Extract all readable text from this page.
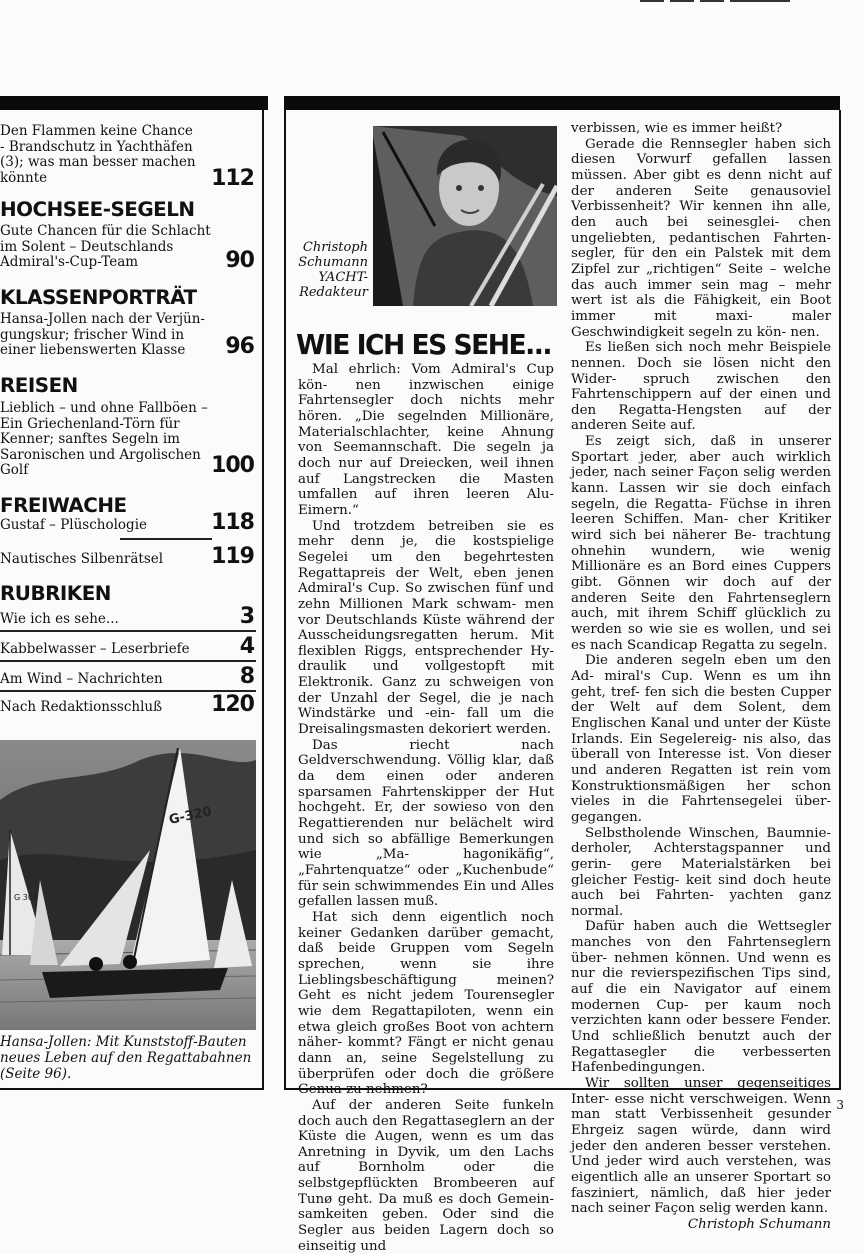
Den Flammen keine Chance
- Brandschutz in Yachthäfen
(3); was man besser machen
könnte	112
HOCHSEE-SEGELN
Gute Chancen für die Schlacht
im Solent – Deutschlands
Admiral's-Cup-Team	90
KLASSENPORTRÄT
Hansa-Jollen nach der Verjün-
gungskur; frischer Wind in
einer liebenswerten Klasse	96
REISEN
Lieblich – und ohne Fallböen –
Ein Griechenland-Törn für
Kenner; sanftes Segeln im
Saronischen und Argolischen
Golf	100
FREIWACHE
Gustaf – Plüschologie	118
Nautisches Silbenrätsel	119
RUBRIKEN
Wie ich es sehe...	3
Kabbelwasser – Leserbriefe	4
Am Wind – Nachrichten	8
Nach Redaktionsschluß	120
G-320
G 304
Hansa-Jollen: Mit Kunststoff-Bauten neues Leben auf den Regattabahnen (Seite 96).
Christoph Schumann YACHT-Redakteur
WIE ICH ES SEHE...

Mal ehrlich: Vom Admiral's Cup kön- nen inzwischen einige Fahrtensegler doch nichts mehr hören. „Die segelnden Millionäre, Materialschlachter, keine Ahnung von Seemannschaft. Die segeln ja doch nur auf Dreiecken, weil ihnen auf Langstrecken die Masten umfallen auf ihren leeren Alu-Eimern.“

Und trotzdem betreiben sie es mehr denn je, die kostspielige Segelei um den begehrtesten Regattapreis der Welt, eben jenen Admiral's Cup. So zwischen fünf und zehn Millionen Mark schwam- men vor Deutschlands Küste während der Ausscheidungsregatten herum. Mit flexiblen Riggs, entsprechender Hy- draulik und vollgestopft mit Elektronik. Ganz zu schweigen von der Unzahl der Segel, die je nach Windstärke und -ein- fall um die Dreisalingsmasten dekoriert werden.

Das riecht nach Geldverschwendung. Völlig klar, daß da dem einen oder anderen sparsamen Fahrtenskipper der Hut hochgeht. Er, der sowieso von den Regattierenden nur belächelt wird und sich so abfällige Bemerkungen wie „Ma- hagonikäfig“, „Fahrtenquatze“ oder „Kuchenbude“ für sein schwimmendes Ein und Alles gefallen lassen muß.

Hat sich denn eigentlich noch keiner Gedanken darüber gemacht, daß beide Gruppen vom Segeln sprechen, wenn sie ihre Lieblingsbeschäftigung meinen? Geht es nicht jedem Tourensegler wie dem Regattapiloten, wenn ein etwa gleich großes Boot von achtern näher- kommt? Fängt er nicht genau dann an, seine Segelstellung zu überprüfen oder doch die größere Genua zu nehmen?

Auf der anderen Seite funkeln doch auch den Regattaseglern an der Küste die Augen, wenn es um das Anretning in Dyvik, um den Lachs auf Bornholm oder die selbstgepflückten Brombeeren auf Tunø geht. Da muß es doch Gemein- samkeiten geben. Oder sind die Segler aus beiden Lagern doch so einseitig und

verbissen, wie es immer heißt?

Gerade die Rennsegler haben sich diesen Vorwurf gefallen lassen müssen. Aber gibt es denn nicht auf der anderen Seite genausoviel Verbissenheit? Wir kennen ihn alle, den auch bei seinesglei- chen ungeliebten, pedantischen Fahrten- segler, für den ein Palstek mit dem Zipfel zur „richtigen“ Seite – welche das auch immer sein mag – mehr wert ist als die Fähigkeit, ein Boot immer mit maxi- maler Geschwindigkeit segeln zu kön- nen.

Es ließen sich noch mehr Beispiele nennen. Doch sie lösen nicht den Wider- spruch zwischen den Fahrtenschippern auf der einen und den Regatta-Hengsten auf der anderen Seite auf.

Es zeigt sich, daß in unserer Sportart jeder, aber auch wirklich jeder, nach seiner Façon selig werden kann. Lassen wir sie doch einfach segeln, die Regatta- Füchse in ihren leeren Schiffen. Man- cher Kritiker wird sich bei näherer Be- trachtung ohnehin wundern, wie wenig Millionäre es an Bord eines Cuppers gibt. Gönnen wir doch auf der anderen Seite den Fahrtenseglern auch, mit ihrem Schiff glücklich zu werden so wie sie es wollen, und sei es nach Scandicap Regatta zu segeln.

Die anderen segeln eben um den Ad- miral's Cup. Wenn es um ihn geht, tref- fen sich die besten Cupper der Welt auf dem Solent, dem Englischen Kanal und unter der Küste Irlands. Ein Segelereig- nis also, das überall von Interesse ist. Von dieser und anderen Regatten ist rein vom Konstruktionsmäßigen her schon vieles in die Fahrtensegelei über- gegangen.

Selbstholende Winschen, Baumnie- derholer, Achterstagspanner und gerin- gere Materialstärken bei gleicher Festig- keit sind doch heute auch bei Fahrten- yachten ganz normal.

Dafür haben auch die Wettsegler manches von den Fahrtenseglern über- nehmen können. Und wenn es nur die revierspezifischen Tips sind, auf die ein Navigator auf einem modernen Cup- per kaum noch verzichten kann oder bessere Fender. Und schließlich benutzt auch der Regattasegler die verbesserten Hafenbedingungen.

Wir sollten unser gegenseitiges Inter- esse nicht verschweigen. Wenn man statt Verbissenheit gesunder Ehrgeiz sagen würde, dann wird jeder den anderen besser verstehen. Und jeder wird auch verstehen, was eigentlich alle an unserer Sportart so fasziniert, nämlich, daß hier jeder nach seiner Façon selig werden kann.

Christoph Schumann
3
